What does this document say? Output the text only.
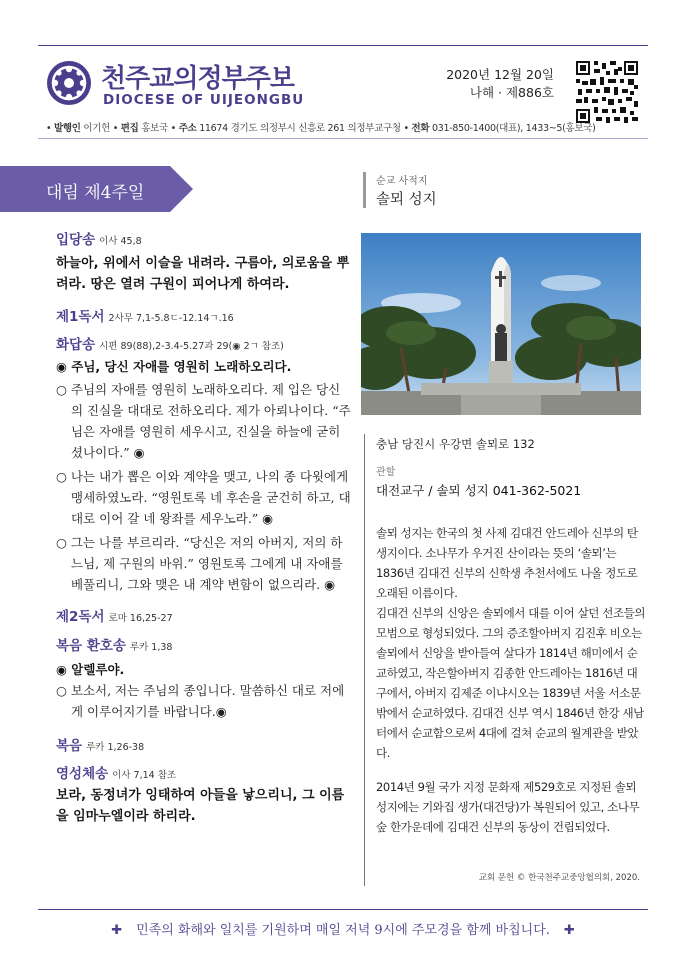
천주교의정부주보
DIOCESE OF UIJEONGBU
2020년 12월 20일
나해 · 제886호
• 발행인 이기헌 • 편집 홍보국 • 주소 11674 경기도 의정부시 신흥로 261 의정부교구청 • 전화 031-850-1400(대표), 1433~5(홍보국)
대림 제4주일
입당송 이사 45,8
하늘아, 위에서 이슬을 내려라. 구름아, 의로움을 뿌려라. 땅은 열려 구원이 피어나게 하여라.
제1독서 2사무 7,1-5.8ㄷ-12.14ㄱ.16
화답송 시편 89(88),2-3.4-5.27과 29(◉ 2ㄱ 참조)
◉ 주님, 당신 자애를 영원히 노래하오리다.
○ 주님의 자애를 영원히 노래하오리다. 제 입은 당신의 진실을 대대로 전하오리다. 제가 아뢰나이다. “주님은 자애를 영원히 세우시고, 진실을 하늘에 굳히셨나이다.” ◉
○ 나는 내가 뽑은 이와 계약을 맺고, 나의 종 다윗에게 맹세하였노라. “영원토록 네 후손을 굳건히 하고, 대대로 이어 갈 네 왕좌를 세우노라.” ◉
○ 그는 나를 부르리라. “당신은 저의 아버지, 저의 하느님, 제 구원의 바위.” 영원토록 그에게 내 자애를 베풀리니, 그와 맺은 내 계약 변함이 없으리라. ◉
제2독서 로마 16,25-27
복음 환호송 루카 1,38
◉ 알렐루야.
○ 보소서, 저는 주님의 종입니다. 말씀하신 대로 저에게 이루어지기를 바랍니다.◉
복음 루카 1,26-38
영성체송 이사 7,14 참조
보라, 동정녀가 잉태하여 아들을 낳으리니, 그 이름을 임마누엘이라 하리라.
순교 사적지
솔뫼 성지
충남 당진시 우강면 솔뫼로 132
관할
대전교구 / 솔뫼 성지 041-362-5021

솔뫼 성지는 한국의 첫 사제 김대건 안드레아 신부의 탄생지이다. 소나무가 우거진 산이라는 뜻의 ‘솔뫼’는 1836년 김대건 신부의 신학생 추천서에도 나올 정도로 오래된 이름이다.

김대건 신부의 신앙은 솔뫼에서 대를 이어 살던 선조들의 모범으로 형성되었다. 그의 증조할아버지 김진후 비오는 솔뫼에서 신앙을 받아들여 살다가 1814년 해미에서 순교하였고, 작은할아버지 김종한 안드레아는 1816년 대구에서, 아버지 김제준 이냐시오는 1839년 서울 서소문 밖에서 순교하였다. 김대건 신부 역시 1846년 한강 새남터에서 순교함으로써 4대에 걸쳐 순교의 월계관을 받았다.

2014년 9월 국가 지정 문화재 제529호로 지정된 솔뫼 성지에는 기와집 생가(대건당)가 복원되어 있고, 소나무 숲 한가운데에 김대건 신부의 동상이 건립되었다.

교회 문헌 © 한국천주교중앙협의회, 2020.
✚ 민족의 화해와 일치를 기원하며 매일 저녁 9시에 주모경을 함께 바칩니다. ✚
